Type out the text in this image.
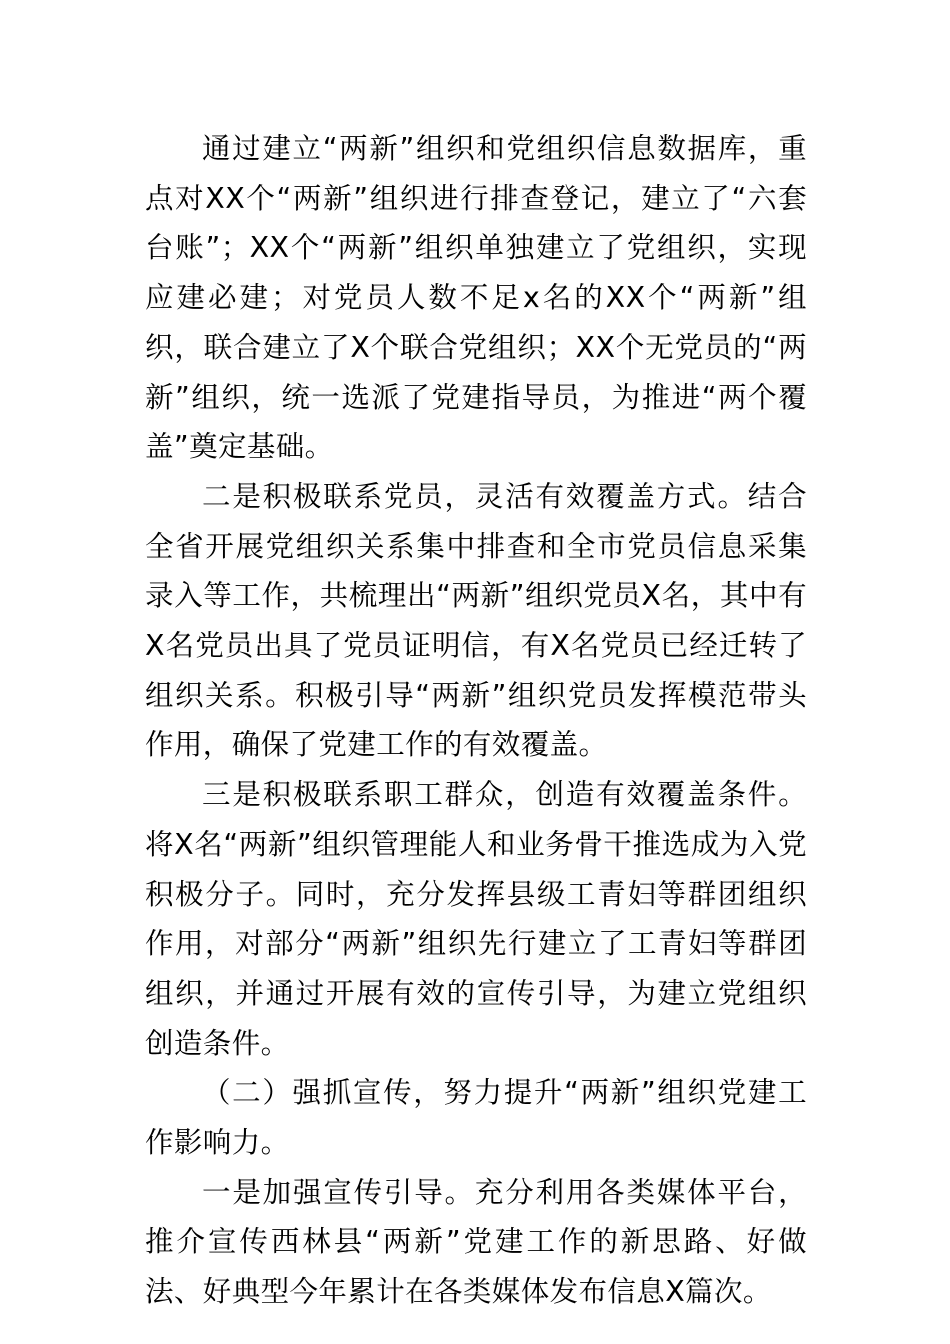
通过建立“两新”组织和党组织信息数据库，重点对XX个“两新”组织进行排查登记，建立了“六套台账”；XX个“两新”组织单独建立了党组织，实现应建必建；对党员人数不足x名的XX个“两新”组织，联合建立了X个联合党组织；XX个无党员的“两新”组织，统一选派了党建指导员，为推进“两个覆盖”奠定基础。

二是积极联系党员，灵活有效覆盖方式。结合全省开展党组织关系集中排查和全市党员信息采集录入等工作，共梳理出“两新”组织党员X名，其中有X名党员出具了党员证明信，有X名党员已经迁转了组织关系。积极引导“两新”组织党员发挥模范带头作用，确保了党建工作的有效覆盖。

三是积极联系职工群众，创造有效覆盖条件。将X名“两新”组织管理能人和业务骨干推选成为入党积极分子。同时，充分发挥县级工青妇等群团组织作用，对部分“两新”组织先行建立了工青妇等群团组织，并通过开展有效的宣传引导，为建立党组织创造条件。

（二）强抓宣传，努力提升“两新”组织党建工作影响力。

一是加强宣传引导。充分利用各类媒体平台，推介宣传西林县“两新”党建工作的新思路、好做法、好典型今年累计在各类媒体发布信息X篇次。
